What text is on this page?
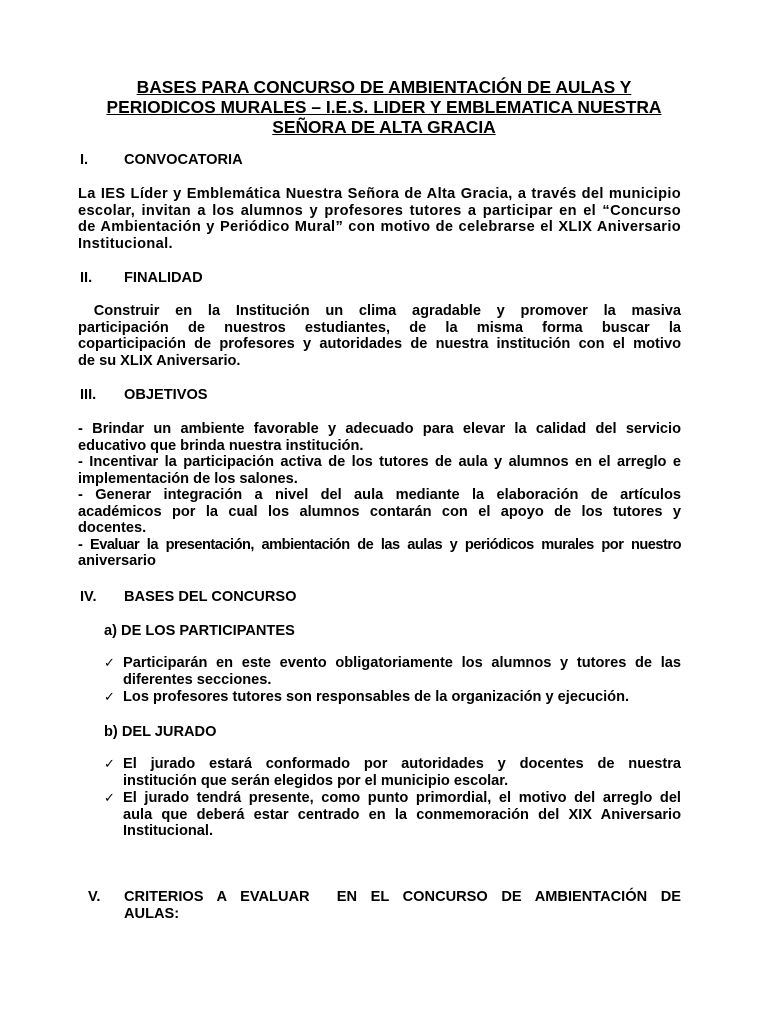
BASES PARA CONCURSO DE AMBIENTACIÓN DE AULAS Y
PERIODICOS MURALES – I.E.S. LIDER Y EMBLEMATICA NUESTRA
SEÑORA DE ALTA GRACIA
I.	CONVOCATORIA
La IES Líder y Emblemática Nuestra Señora de Alta Gracia, a través del municipio
escolar, invitan a los alumnos y profesores tutores a participar en el “Concurso
de Ambientación y Periódico Mural” con motivo de celebrarse el XLIX Aniversario
Institucional.
II.	FINALIDAD
Construir en la Institución un clima agradable y promover la masiva
participación de nuestros estudiantes, de la misma forma buscar la
coparticipación de profesores y autoridades de nuestra institución con el motivo
de su XLIX Aniversario.
III.	OBJETIVOS
- Brindar un ambiente favorable y adecuado para elevar la calidad del servicio
educativo que brinda nuestra institución.
- Incentivar la participación activa de los tutores de aula y alumnos en el arreglo e
implementación de los salones.
- Generar integración a nivel del aula mediante la elaboración de artículos
académicos por la cual los alumnos contarán con el apoyo de los tutores y
docentes.
- Evaluar la presentación, ambientación de las aulas y periódicos murales por nuestro
aniversario
IV.	BASES DEL CONCURSO
a) DE LOS PARTICIPANTES
✓ Participarán en este evento obligatoriamente los alumnos y tutores de las
diferentes secciones.
✓ Los profesores tutores son responsables de la organización y ejecución.
b) DEL JURADO
✓ El jurado estará conformado por autoridades y docentes de nuestra
institución que serán elegidos por el municipio escolar.
✓ El jurado tendrá presente, como punto primordial, el motivo del arreglo del
aula que deberá estar centrado en la conmemoración del XIX Aniversario
Institucional.
V. CRITERIOS A EVALUAR  EN EL CONCURSO DE AMBIENTACIÓN DE
AULAS:
